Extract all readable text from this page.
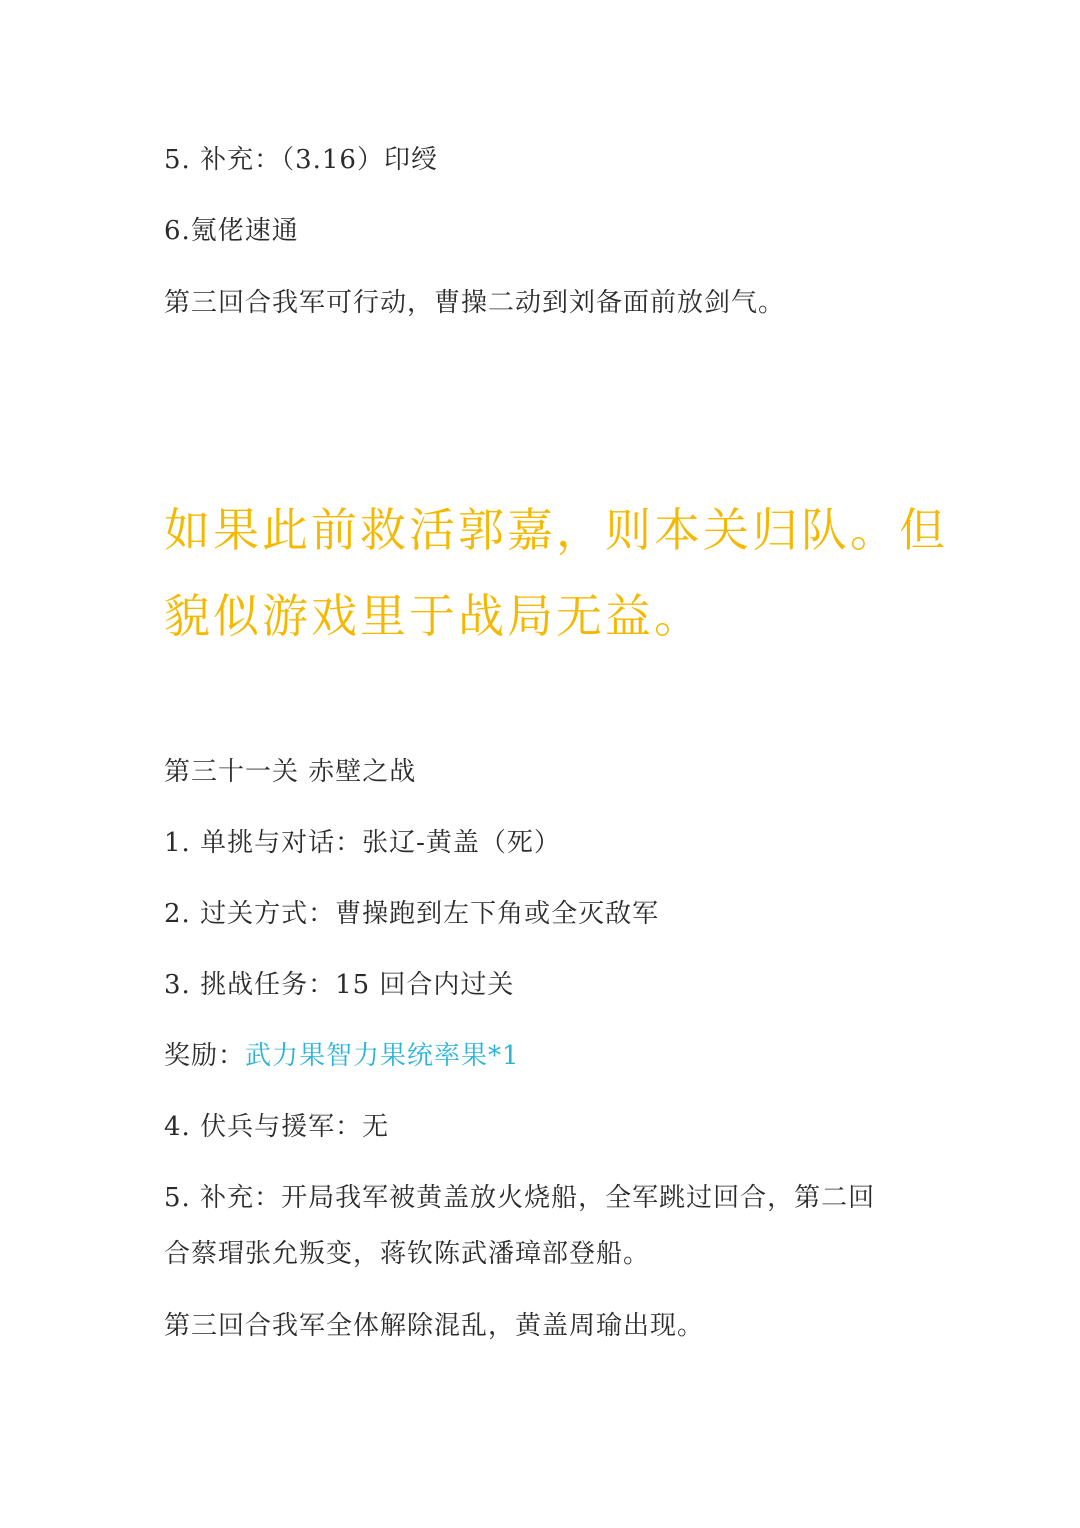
5. 补充：（3.16）印绶
6.氪佬速通
第三回合我军可行动，曹操二动到刘备面前放剑气。
如果此前救活郭嘉，则本关归队。但
貌似游戏里于战局无益。
第三十一关 赤壁之战
1. 单挑与对话：张辽-黄盖（死）
2. 过关方式：曹操跑到左下角或全灭敌军
3. 挑战任务：15 回合内过关
奖励：武力果智力果统率果*1
4. 伏兵与援军：无
5. 补充：开局我军被黄盖放火烧船，全军跳过回合，第二回
合蔡瑁张允叛变，蒋钦陈武潘璋部登船。
第三回合我军全体解除混乱，黄盖周瑜出现。
